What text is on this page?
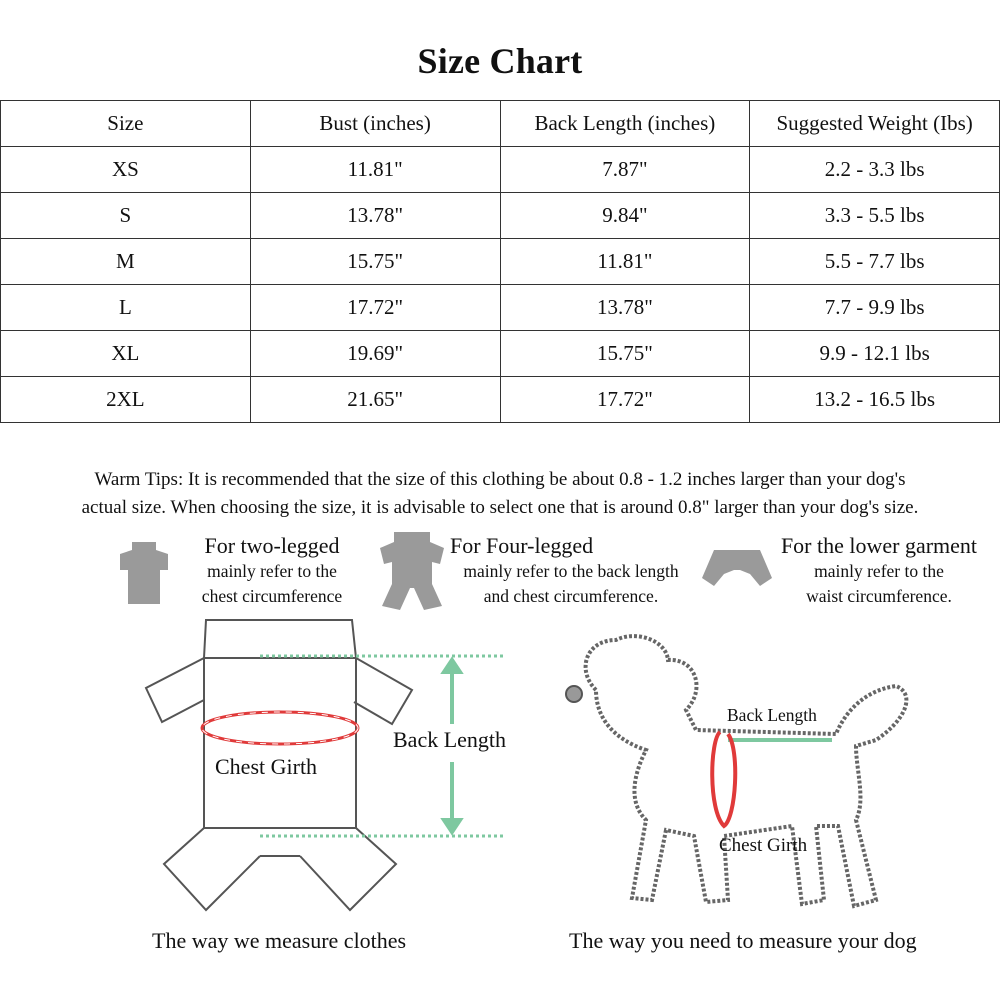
Size Chart
Size	Bust (inches)	Back Length (inches)	Suggested Weight (Ibs)
XS	11.81"	7.87"	2.2 - 3.3 lbs
S	13.78"	9.84"	3.3 - 5.5 lbs
M	15.75"	11.81"	5.5 - 7.7 lbs
L	17.72"	13.78"	7.7 - 9.9 lbs
XL	19.69"	15.75"	9.9 - 12.1 lbs
2XL	21.65"	17.72"	13.2 - 16.5 lbs
Warm Tips: It is recommended that the size of this clothing be about 0.8 - 1.2 inches larger than your dog's
actual size. When choosing the size, it is advisable to select one that is around 0.8" larger than your dog's size.
For two-legged
mainly refer to the
chest circumference
For Four-legged
mainly refer to the back length
and chest circumference.
For the lower garment
mainly refer to the
waist circumference.
Chest Girth
Back Length
Back Length
Chest Girth
The way we measure clothes	The way you need to measure your dog
